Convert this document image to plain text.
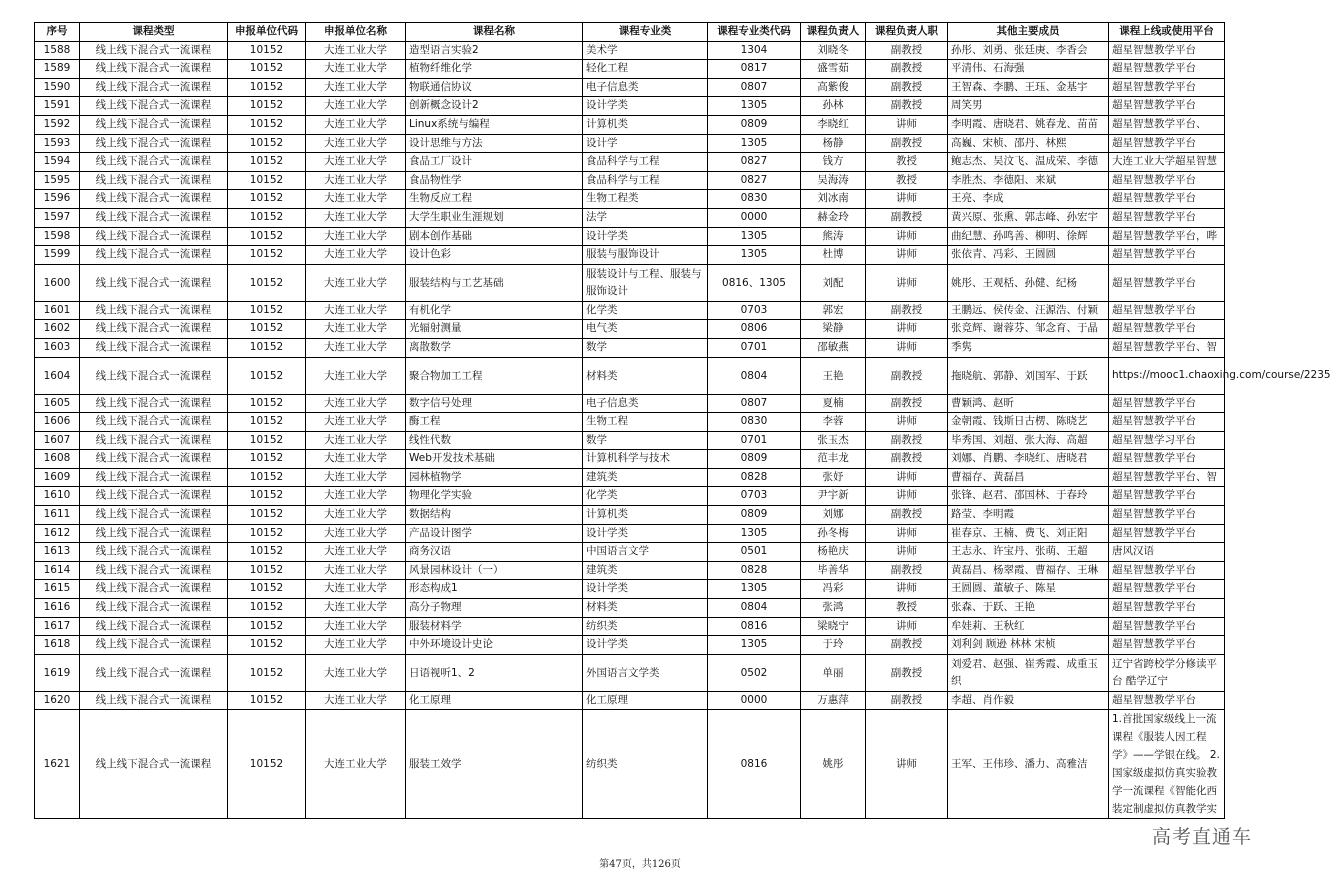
序号	课程类型	申报单位代码	申报单位名称	课程名称	课程专业类	课程专业类代码	课程负责人	课程负责人职	其他主要成员	课程上线或使用平台
1588	线上线下混合式一流课程	10152	大连工业大学	造型语言实验2	美术学	1304	刘晓冬	副教授	孙彤、刘勇、张廷庚、李香会	超星智慧教学平台
1589	线上线下混合式一流课程	10152	大连工业大学	植物纤维化学	轻化工程	0817	盛雪茹	副教授	平清伟、石海强	超星智慧教学平台
1590	线上线下混合式一流课程	10152	大连工业大学	物联通信协议	电子信息类	0807	高紫俊	副教授	王智森、李鹏、王珏、金基宇	超星智慧教学平台
1591	线上线下混合式一流课程	10152	大连工业大学	创新概念设计2	设计学类	1305	孙林	副教授	周笑男	超星智慧教学平台
1592	线上线下混合式一流课程	10152	大连工业大学	Linux系统与编程	计算机类	0809	李晓红	讲师	李明霞、唐晓君、姚春龙、苗苗	超星智慧教学平台、
1593	线上线下混合式一流课程	10152	大连工业大学	设计思维与方法	设计学	1305	杨静	副教授	高巍、宋桢、邵丹、林熙	超星智慧教学平台
1594	线上线下混合式一流课程	10152	大连工业大学	食品工厂设计	食品科学与工程	0827	钱方	教授	鲍志杰、吴汶飞、温成荣、李德	大连工业大学超星智慧
1595	线上线下混合式一流课程	10152	大连工业大学	食品物性学	食品科学与工程	0827	吴海涛	教授	李胜杰、李德阳、来斌	超星智慧教学平台
1596	线上线下混合式一流课程	10152	大连工业大学	生物反应工程	生物工程类	0830	刘冰南	讲师	王亮、李成	超星智慧教学平台
1597	线上线下混合式一流课程	10152	大连工业大学	大学生职业生涯规划	法学	0000	赫金玲	副教授	黄兴原、张熏、郭志峰、孙宏宇	超星智慧教学平台
1598	线上线下混合式一流课程	10152	大连工业大学	剧本创作基础	设计学类	1305	熊涛	讲师	曲纪慧、孙鸣善、柳明、徐辉	超星智慧教学平台，哔
1599	线上线下混合式一流课程	10152	大连工业大学	设计色彩	服装与服饰设计	1305	杜博	讲师	张依青、冯彩、王圆圆	超星智慧教学平台
1600	线上线下混合式一流课程	10152	大连工业大学	服装结构与工艺基础	服装设计与工程、服装与服饰设计	0816、1305	刘配	讲师	姚彤、王观栝、孙健、纪杨	超星智慧教学平台
1601	线上线下混合式一流课程	10152	大连工业大学	有机化学	化学类	0703	郭宏	副教授	王鹏远、侯传金、汪源浩、付颖	超星智慧教学平台
1602	线上线下混合式一流课程	10152	大连工业大学	光辐射测量	电气类	0806	梁静	讲师	张竞辉、谢蓉芬、邹念育、于晶	超星智慧教学平台
1603	线上线下混合式一流课程	10152	大连工业大学	离散数学	数学	0701	邵敏燕	讲师	季隽	超星智慧教学平台、智
1604	线上线下混合式一流课程	10152	大连工业大学	聚合物加工工程	材料类	0804	王艳	副教授	拖晓航、郭静、刘国军、于跃	https://mooc1.chaoxing.com/course/2235
1605	线上线下混合式一流课程	10152	大连工业大学	数字信号处理	电子信息类	0807	夏楠	副教授	曹颖鸿、赵昕	超星智慧教学平台
1606	线上线下混合式一流课程	10152	大连工业大学	酶工程	生物工程	0830	李蓉	讲师	金朝霞、钱斯日古楞、陈晓艺	超星智慧教学平台
1607	线上线下混合式一流课程	10152	大连工业大学	线性代数	数学	0701	张玉杰	副教授	毕秀国、刘超、张大海、高超	超星智慧学习平台
1608	线上线下混合式一流课程	10152	大连工业大学	Web开发技术基础	计算机科学与技术	0809	范丰龙	副教授	刘娜、肖鹏、李晓红、唐晓君	超星智慧教学平台
1609	线上线下混合式一流课程	10152	大连工业大学	园林植物学	建筑类	0828	张妤	讲师	曹福存、黄磊昌	超星智慧教学平台、智
1610	线上线下混合式一流课程	10152	大连工业大学	物理化学实验	化学类	0703	尹宇新	讲师	张锋、赵君、邵国林、于春玲	超星智慧教学平台
1611	线上线下混合式一流课程	10152	大连工业大学	数据结构	计算机类	0809	刘娜	副教授	路莹、李明霞	超星智慧教学平台
1612	线上线下混合式一流课程	10152	大连工业大学	产品设计图学	设计学类	1305	孙冬梅	讲师	崔春京、王楠、费飞、刘正阳	超星智慧教学平台
1613	线上线下混合式一流课程	10152	大连工业大学	商务汉语	中国语言文学	0501	杨艳庆	讲师	王志永、许宝丹、张萌、王超	唐风汉语
1614	线上线下混合式一流课程	10152	大连工业大学	风景园林设计（一）	建筑类	0828	毕善华	副教授	黄磊昌、杨翠霞、曹福存、王琳	超星智慧教学平台
1615	线上线下混合式一流课程	10152	大连工业大学	形态构成1	设计学类	1305	冯彩	讲师	王圆圆、董敏子、陈星	超星智慧教学平台
1616	线上线下混合式一流课程	10152	大连工业大学	高分子物理	材料类	0804	张鸿	教授	张森、于跃、王艳	超星智慧教学平台
1617	线上线下混合式一流课程	10152	大连工业大学	服装材料学	纺织类	0816	梁晓宁	讲师	牟娃莉、王秋红	超星智慧教学平台
1618	线上线下混合式一流课程	10152	大连工业大学	中外环境设计史论	设计学类	1305	于玲	副教授	刘利剑 顾逊 林林 宋桢	超星智慧教学平台
1619	线上线下混合式一流课程	10152	大连工业大学	日语视听1、2	外国语言文学类	0502	单丽	副教授	刘爱君、赵强、崔秀霞、成重玉织	辽宁省跨校学分修读平台 酷学辽宁
1620	线上线下混合式一流课程	10152	大连工业大学	化工原理	化工原理	0000	万惠萍	副教授	李超、肖作毅	超星智慧教学平台
1621	线上线下混合式一流课程	10152	大连工业大学	服装工效学	纺织类	0816	姚彤	讲师	王军、王伟珍、潘力、高雅洁	1.首批国家级线上一流课程《服装人因工程学》——学银在线。 2.国家级虚拟仿真实验教学一流课程《智能化西装定制虚拟仿真教学实
高考直通车
第47页，共126页
